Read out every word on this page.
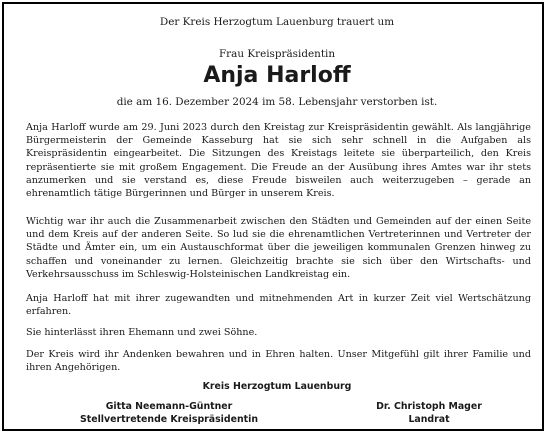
Der Kreis Herzogtum Lauenburg trauert um
Frau Kreispräsidentin
Anja Harloff
die am 16. Dezember 2024 im 58. Lebensjahr verstorben ist.
Anja Harloff wurde am 29. Juni 2023 durch den Kreistag zur Kreispräsidentin gewählt. Als langjährige Bürgermeisterin der Gemeinde Kasseburg hat sie sich sehr schnell in die Aufgaben als Kreispräsidentin eingearbeitet. Die Sitzungen des Kreistags leitete sie überparteilich, den Kreis repräsentierte sie mit großem Engagement. Die Freude an der Ausübung ihres Amtes war ihr stets anzumerken und sie verstand es, diese Freude bisweilen auch weiterzugeben – gerade an ehrenamtlich tätige Bürgerinnen und Bürger in unserem Kreis.
Wichtig war ihr auch die Zusammenarbeit zwischen den Städten und Gemeinden auf der einen Seite und dem Kreis auf der anderen Seite. So lud sie die ehrenamtlichen Vertreterinnen und Vertreter der Städte und Ämter ein, um ein Austauschformat über die jeweiligen kommunalen Grenzen hinweg zu schaffen und voneinander zu lernen. Gleichzeitig brachte sie sich über den Wirtschafts- und Verkehrsausschuss im Schleswig-Holsteinischen Landkreistag ein.
Anja Harloff hat mit ihrer zugewandten und mitnehmenden Art in kurzer Zeit viel Wertschätzung erfahren.
Sie hinterlässt ihren Ehemann und zwei Söhne.
Der Kreis wird ihr Andenken bewahren und in Ehren halten. Unser Mitgefühl gilt ihrer Familie und ihren Angehörigen.
Kreis Herzogtum Lauenburg
Gitta Neemann-Güntner
Stellvertretende Kreispräsidentin
Dr. Christoph Mager
Landrat
